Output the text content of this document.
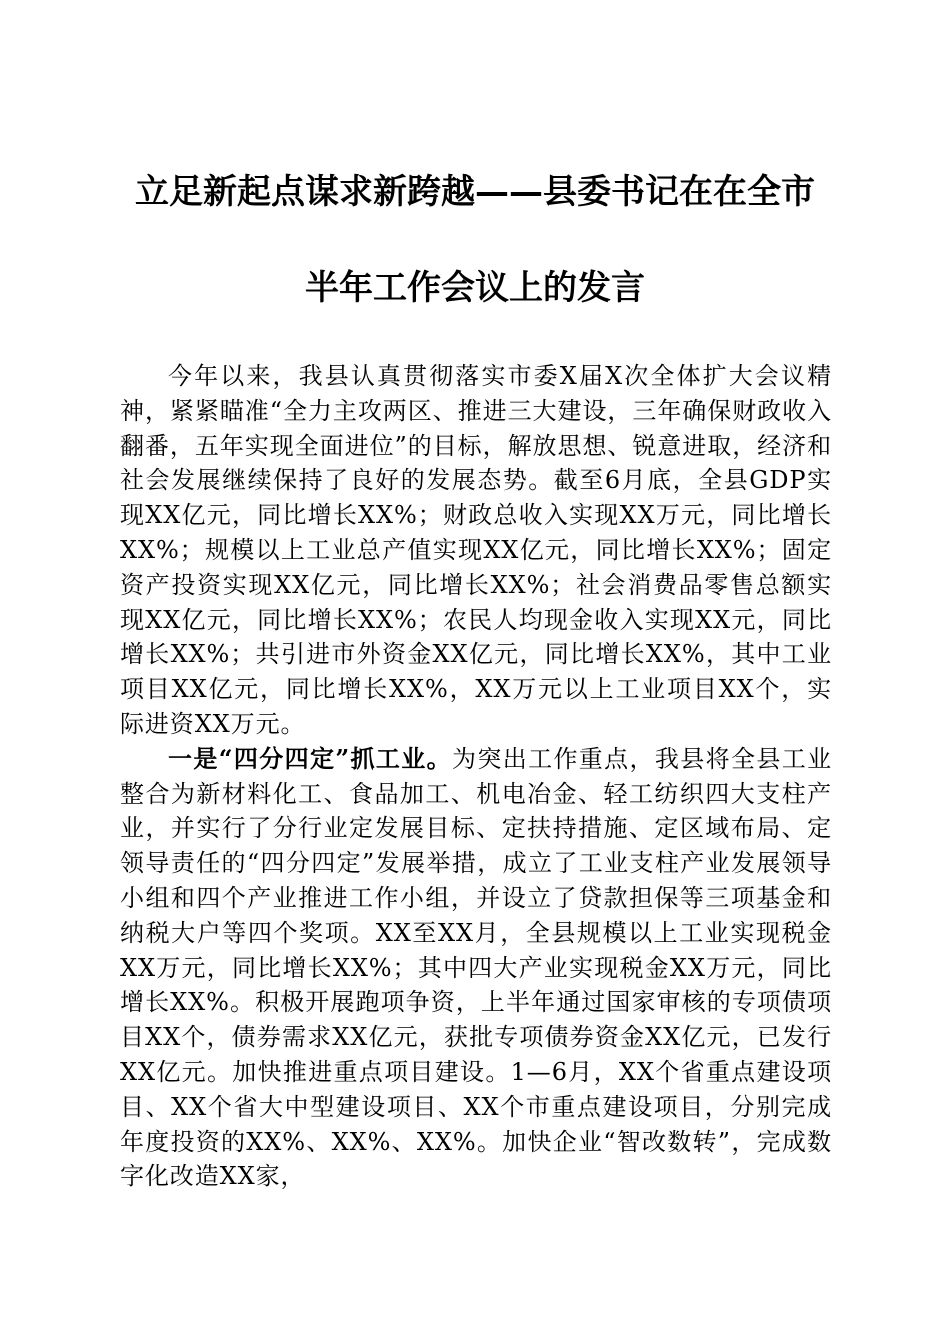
立足新起点谋求新跨越——县委书记在在全市
半年工作会议上的发言

今年以来，我县认真贯彻落实市委X届X次全体扩大会议精神，紧紧瞄准“全力主攻两区、推进三大建设，三年确保财政收入翻番，五年实现全面进位”的目标，解放思想、锐意进取，经济和社会发展继续保持了良好的发展态势。截至6月底，全县GDP实现XX亿元，同比增长XX%；财政总收入实现XX万元，同比增长XX%；规模以上工业总产值实现XX亿元，同比增长XX%；固定资产投资实现XX亿元，同比增长XX%；社会消费品零售总额实现XX亿元，同比增长XX%；农民人均现金收入实现XX元，同比增长XX%；共引进市外资金XX亿元，同比增长XX%，其中工业项目XX亿元，同比增长XX%，XX万元以上工业项目XX个，实际进资XX万元。

一是“四分四定”抓工业。为突出工作重点，我县将全县工业整合为新材料化工、食品加工、机电冶金、轻工纺织四大支柱产业，并实行了分行业定发展目标、定扶持措施、定区域布局、定领导责任的“四分四定”发展举措，成立了工业支柱产业发展领导小组和四个产业推进工作小组，并设立了贷款担保等三项基金和纳税大户等四个奖项。XX至XX月，全县规模以上工业实现税金XX万元，同比增长XX%；其中四大产业实现税金XX万元，同比增长XX%。积极开展跑项争资，上半年通过国家审核的专项债项目XX个，债券需求XX亿元，获批专项债券资金XX亿元，已发行XX亿元。加快推进重点项目建设。1—6月，XX个省重点建设项目、XX个省大中型建设项目、XX个市重点建设项目，分别完成年度投资的XX%、XX%、XX%。加快企业“智改数转”，完成数字化改造XX家，
